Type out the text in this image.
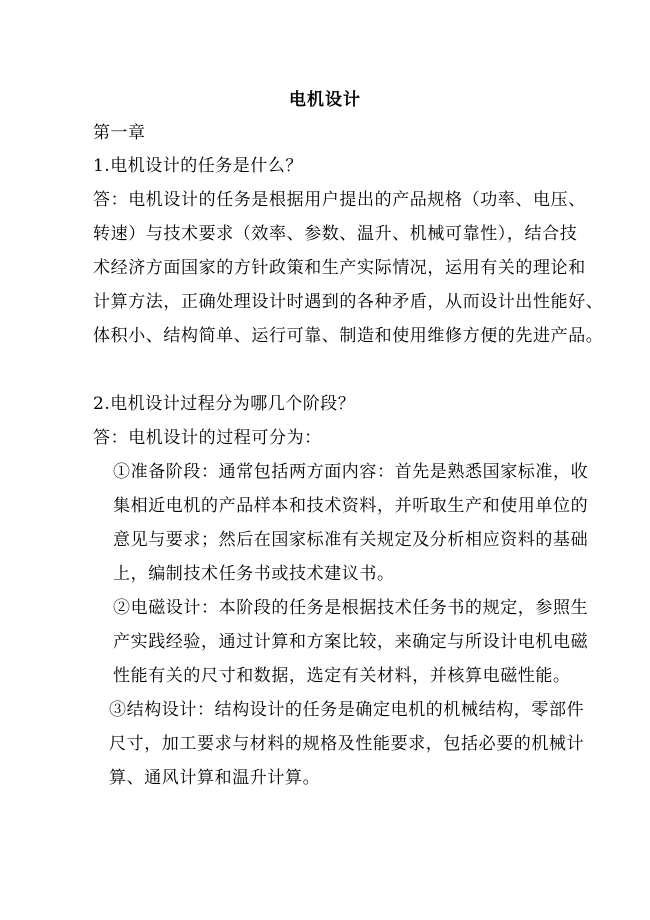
电机设计
第一章
1.电机设计的任务是什么？
答：电机设计的任务是根据用户提出的产品规格（功率、电压、
转速）与技术要求（效率、参数、温升、机械可靠性），结合技
术经济方面国家的方针政策和生产实际情况，运用有关的理论和
计算方法，正确处理设计时遇到的各种矛盾，从而设计出性能好、
体积小、结构简单、运行可靠、制造和使用维修方便的先进产品。
2.电机设计过程分为哪几个阶段？
答：电机设计的过程可分为：
①准备阶段：通常包括两方面内容：首先是熟悉国家标准，收
集相近电机的产品样本和技术资料，并听取生产和使用单位的
意见与要求；然后在国家标准有关规定及分析相应资料的基础
上，编制技术任务书或技术建议书。
②电磁设计：本阶段的任务是根据技术任务书的规定，参照生
产实践经验，通过计算和方案比较，来确定与所设计电机电磁
性能有关的尺寸和数据，选定有关材料，并核算电磁性能。
③结构设计：结构设计的任务是确定电机的机械结构，零部件
尺寸，加工要求与材料的规格及性能要求，包括必要的机械计
算、通风计算和温升计算。
